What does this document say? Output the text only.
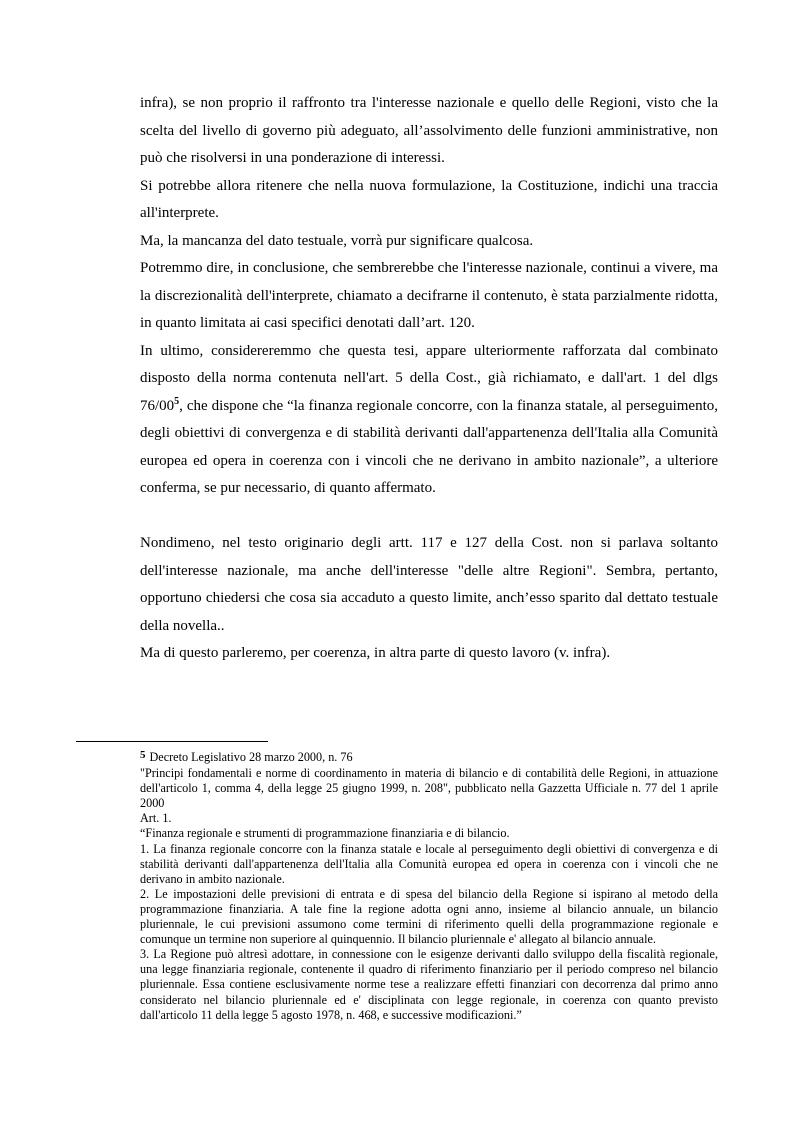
infra), se non proprio il raffronto tra l'interesse nazionale e quello delle Regioni, visto che la scelta del livello di governo più adeguato, all’assolvimento delle funzioni amministrative, non può che risolversi in una ponderazione di interessi.

Si potrebbe allora ritenere che nella nuova formulazione, la Costituzione, indichi una traccia all'interprete.

Ma, la mancanza del dato testuale, vorrà pur significare qualcosa.

Potremmo dire, in conclusione, che sembrerebbe che l'interesse nazionale, continui a vivere, ma la discrezionalità dell'interprete, chiamato a decifrarne il contenuto, è stata parzialmente ridotta, in quanto limitata ai casi specifici denotati dall’art. 120.

In ultimo, considereremmo che questa tesi, appare ulteriormente rafforzata dal combinato disposto della norma contenuta nell'art. 5 della Cost., già richiamato, e dall'art. 1 del dlgs $76/00^5$, che dispone che “la finanza regionale concorre, con la finanza statale, al perseguimento, degli obiettivi di convergenza e di stabilità derivanti dall'appartenenza dell'Italia alla Comunità europea ed opera in coerenza con i vincoli che ne derivano in ambito nazionale”, a ulteriore conferma, se pur necessario, di quanto affermato.

Nondimeno, nel testo originario degli artt. 117 e 127 della Cost. non si parlava soltanto dell'interesse nazionale, ma anche dell'interesse "delle altre Regioni". Sembra, pertanto, opportuno chiedersi che cosa sia accaduto a questo limite, anch’esso sparito dal dettato testuale della novella..

Ma di questo parleremo, per coerenza, in altra parte di questo lavoro (v. infra).

5 Decreto Legislativo 28 marzo 2000, n. 76

"Principi fondamentali e norme di coordinamento in materia di bilancio e di contabilità delle Regioni, in attuazione dell'articolo 1, comma 4, della legge 25 giugno 1999, n. 208", pubblicato nella Gazzetta Ufficiale n. 77 del 1 aprile 2000

Art. 1.

“Finanza regionale e strumenti di programmazione finanziaria e di bilancio.

1. La finanza regionale concorre con la finanza statale e locale al perseguimento degli obiettivi di convergenza e di stabilità derivanti dall'appartenenza dell'Italia alla Comunità europea ed opera in coerenza con i vincoli che ne derivano in ambito nazionale.

2. Le impostazioni delle previsioni di entrata e di spesa del bilancio della Regione si ispirano al metodo della programmazione finanziaria. A tale fine la regione adotta ogni anno, insieme al bilancio annuale, un bilancio pluriennale, le cui previsioni assumono come termini di riferimento quelli della programmazione regionale e comunque un termine non superiore al quinquennio. Il bilancio pluriennale e' allegato al bilancio annuale.

3. La Regione può altresì adottare, in connessione con le esigenze derivanti dallo sviluppo della fiscalità regionale, una legge finanziaria regionale, contenente il quadro di riferimento finanziario per il periodo compreso nel bilancio pluriennale. Essa contiene esclusivamente norme tese a realizzare effetti finanziari con decorrenza dal primo anno considerato nel bilancio pluriennale ed e' disciplinata con legge regionale, in coerenza con quanto previsto dall'articolo 11 della legge 5 agosto 1978, n. 468, e successive modificazioni.”
